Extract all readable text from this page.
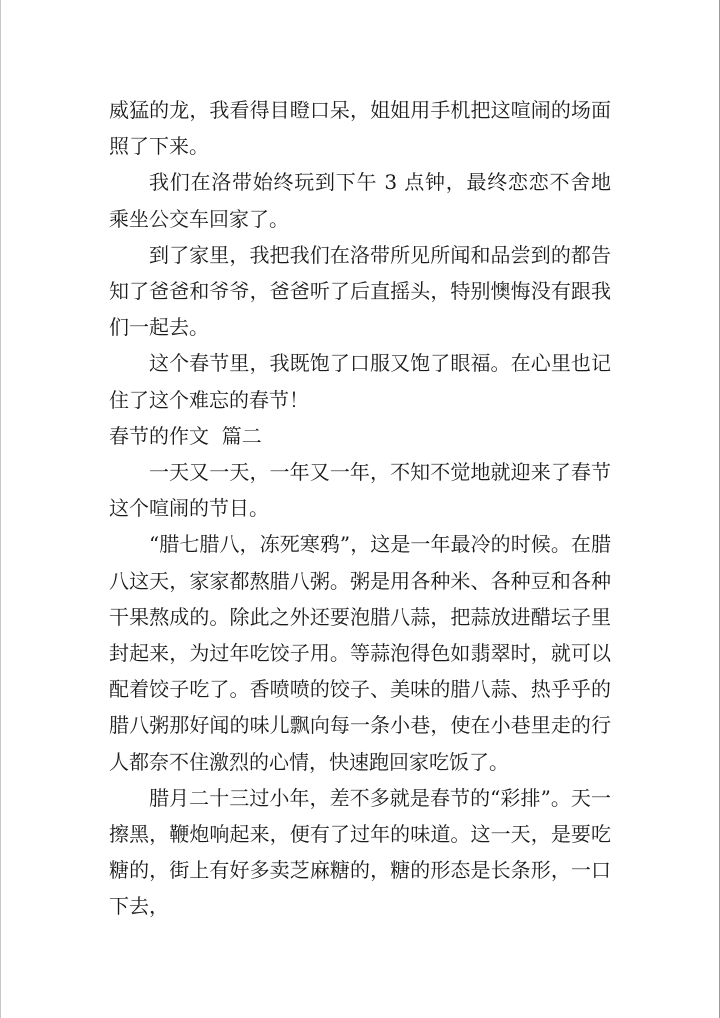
威猛的龙，我看得目瞪口呆，姐姐用手机把这喧闹的场面照了下来。

我们在洛带始终玩到下午 3 点钟，最终恋恋不舍地乘坐公交车回家了。

到了家里，我把我们在洛带所见所闻和品尝到的都告知了爸爸和爷爷，爸爸听了后直摇头，特别懊悔没有跟我们一起去。

这个春节里，我既饱了口服又饱了眼福。在心里也记住了这个难忘的春节！

春节的作文  篇二

一天又一天，一年又一年，不知不觉地就迎来了春节这个喧闹的节日。

“腊七腊八，冻死寒鸦”，这是一年最冷的时候。在腊八这天，家家都熬腊八粥。粥是用各种米、各种豆和各种干果熬成的。除此之外还要泡腊八蒜，把蒜放进醋坛子里封起来，为过年吃饺子用。等蒜泡得色如翡翠时，就可以配着饺子吃了。香喷喷的饺子、美味的腊八蒜、热乎乎的腊八粥那好闻的味儿飘向每一条小巷，使在小巷里走的行人都奈不住激烈的心情，快速跑回家吃饭了。

腊月二十三过小年，差不多就是春节的“彩排”。天一擦黑，鞭炮响起来，便有了过年的味道。这一天，是要吃糖的，街上有好多卖芝麻糖的，糖的形态是长条形，一口下去，
